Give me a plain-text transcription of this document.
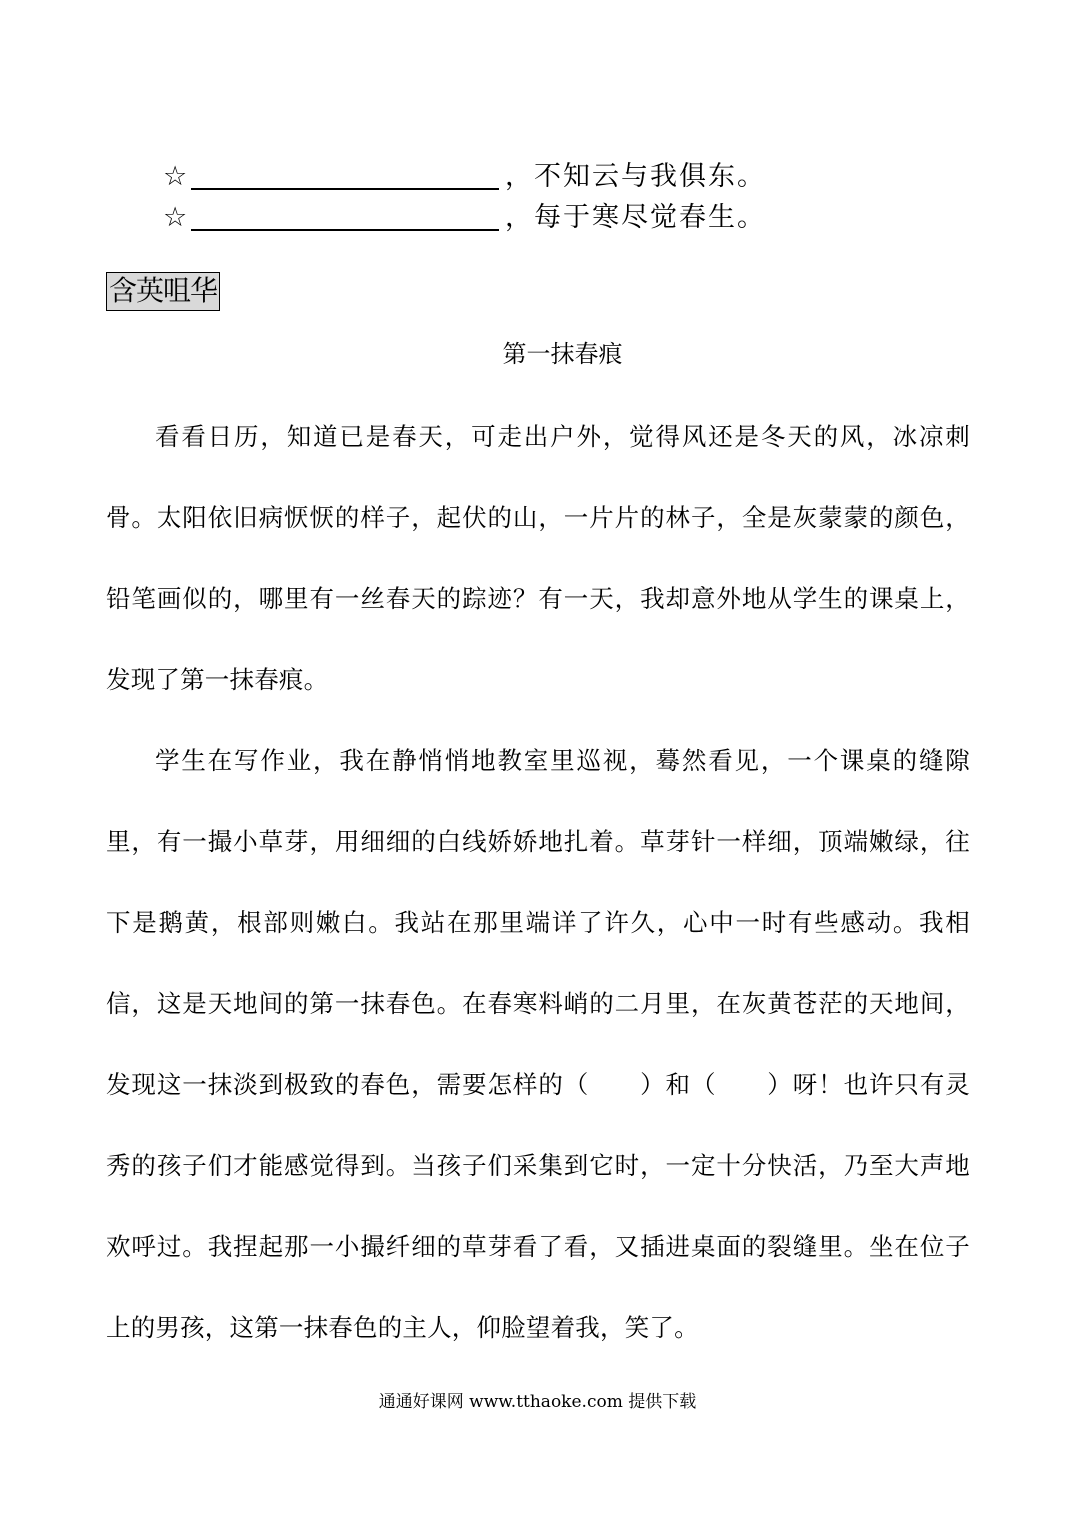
☆	，不知云与我俱东。
☆	，每于寒尽觉春生。
含英咀华
第一抹春痕

看看日历，知道已是春天，可走出户外，觉得风还是冬天的风，冰凉刺骨。太阳依旧病恹恹的样子，起伏的山，一片片的林子，全是灰蒙蒙的颜色，铅笔画似的，哪里有一丝春天的踪迹？有一天，我却意外地从学生的课桌上，发现了第一抹春痕。

学生在写作业，我在静悄悄地教室里巡视，蓦然看见，一个课桌的缝隙里，有一撮小草芽，用细细的白线娇娇地扎着。草芽针一样细，顶端嫩绿，往下是鹅黄，根部则嫩白。我站在那里端详了许久，心中一时有些感动。我相信，这是天地间的第一抹春色。在春寒料峭的二月里，在灰黄苍茫的天地间，发现这一抹淡到极致的春色，需要怎样的（　　）和（　　）呀！也许只有灵秀的孩子们才能感觉得到。当孩子们采集到它时，一定十分快活，乃至大声地欢呼过。我捏起那一小撮纤细的草芽看了看，又插进桌面的裂缝里。坐在位子上的男孩，这第一抹春色的主人，仰脸望着我，笑了。

通通好课网 www.tthaoke.com 提供下载
